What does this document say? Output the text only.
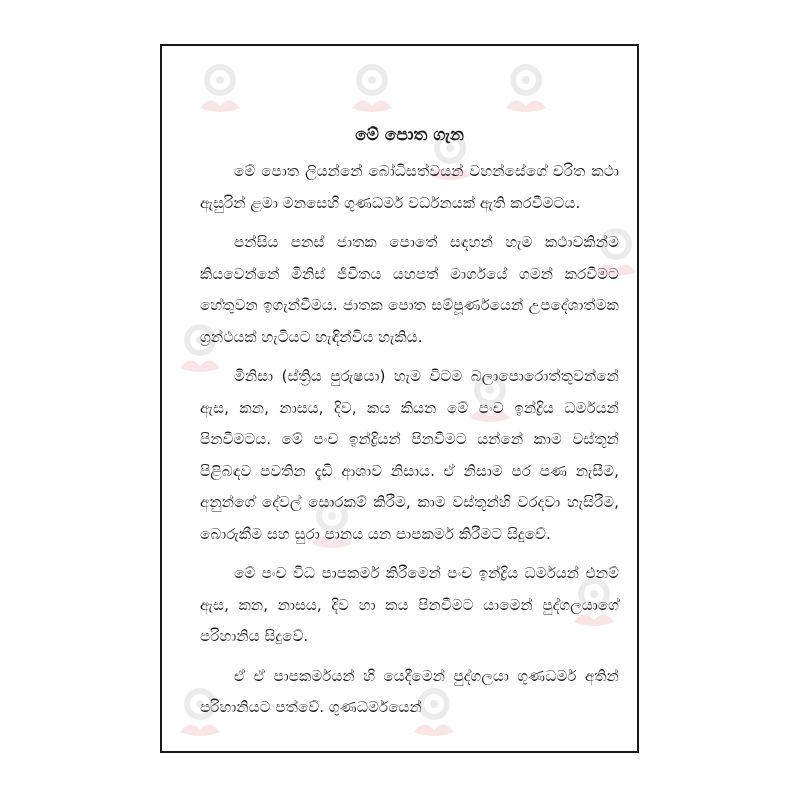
මේ පොත ගැන

මේ පොත ලියන්නේ බෝධිසත්වයන් වහන්සේගේ චරිත කථා ඇසුරින් ළමා මනසෙහි ගුණධර්ම වර්ධනයක් ඇති කරවීමටය.

පන්සිය පනස් ජාතක පොතේ සඳහන් හැම කථාවකින්ම කියවෙන්නේ මිනිස් ජීවිතය යහපත් මාර්ගයේ ගමන් කරවීමට හේතුවන ඉගැන්වීමය. ජාතක පොත සම්පූර්ණයෙන් උපදේශාත්මක ග්‍රන්ථයක් හැටියට හැඳින්විය හැකිය.

මිනිසා (ස්ත්‍රිය පුරුෂයා) හැම විටම බලාපොරොත්තුවන්නේ ඇස, කන, නාසය, දිව, කය කියන මේ පංච ඉන්ද්‍රිය ධර්මයන් පිනවීමටය. මේ පංච ඉන්ද්‍රියන් පිනවීමට යන්නේ කාම වස්තූන් පිළිබඳව පවතින දැඩි ආශාව නිසාය. ඒ නිසාම පර පණ නැසීම, අනුන්ගේ දේවල් සොරකම් කිරීම, කාම වස්තූන්හි වරදවා හැසිරීම, බොරුකීම සහ සුරා පානය යන පාපකර්ම කිරීමට සිදුවේ.

මේ පංච විධ පාපකර්ම කිරීමෙන් පංච ඉන්ද්‍රිය ධර්මයන් එනම් ඇස, කන, නාසය, දිව හා කය පිනවීමට යාමෙන් පුද්ගලයාගේ පරිහානිය සිදුවේ.

ඒ ඒ පාපකර්මයන් හි යෙදීමෙන් පුද්ගලයා ගුණධර්ම අතින් පරිහානියට පත්වේ. ගුණධර්මයෙන්
